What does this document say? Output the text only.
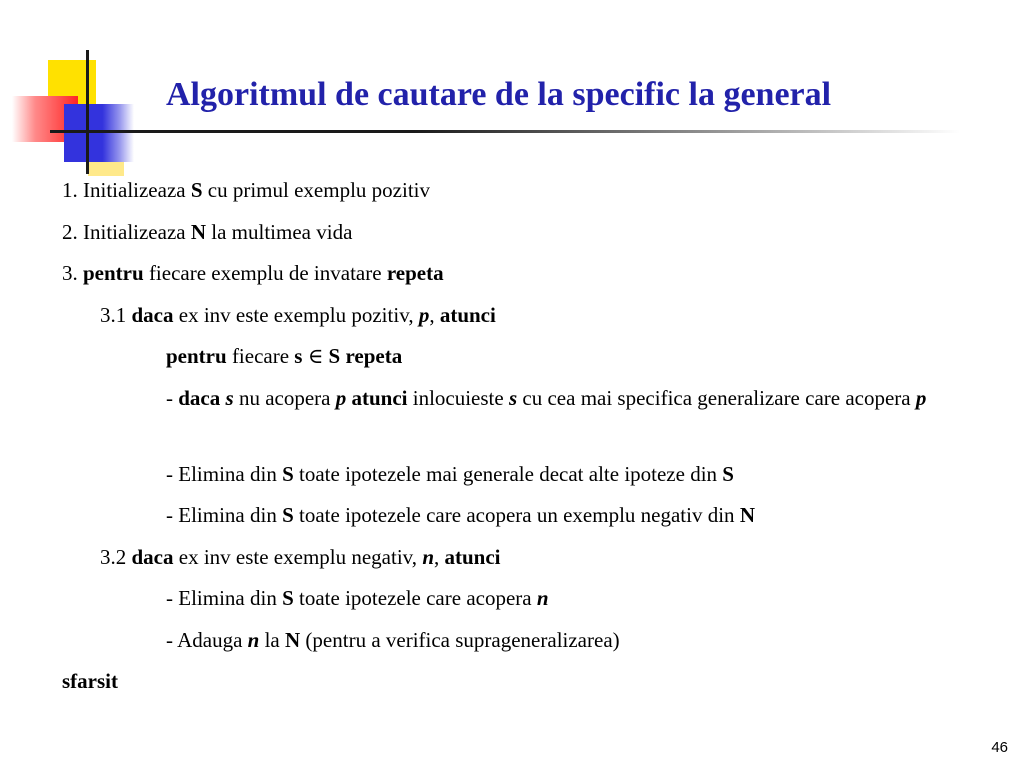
Algoritmul de cautare de la specific la general
1. Initializeaza S cu primul exemplu pozitiv
2. Initializeaza N la multimea vida
3. pentru fiecare exemplu de invatare repeta
3.1 daca ex inv este exemplu pozitiv, p, atunci
pentru fiecare s ∈ S repeta
- daca s nu acopera p atunci inlocuieste s cu cea mai specifica generalizare care acopera p
- Elimina din S toate ipotezele mai generale decat alte ipoteze din S
- Elimina din S toate ipotezele care acopera un exemplu negativ din N
3.2 daca ex inv este exemplu negativ, n, atunci
- Elimina din S toate ipotezele care acopera n
- Adauga n la N (pentru a verifica suprageneralizarea)
sfarsit
46
